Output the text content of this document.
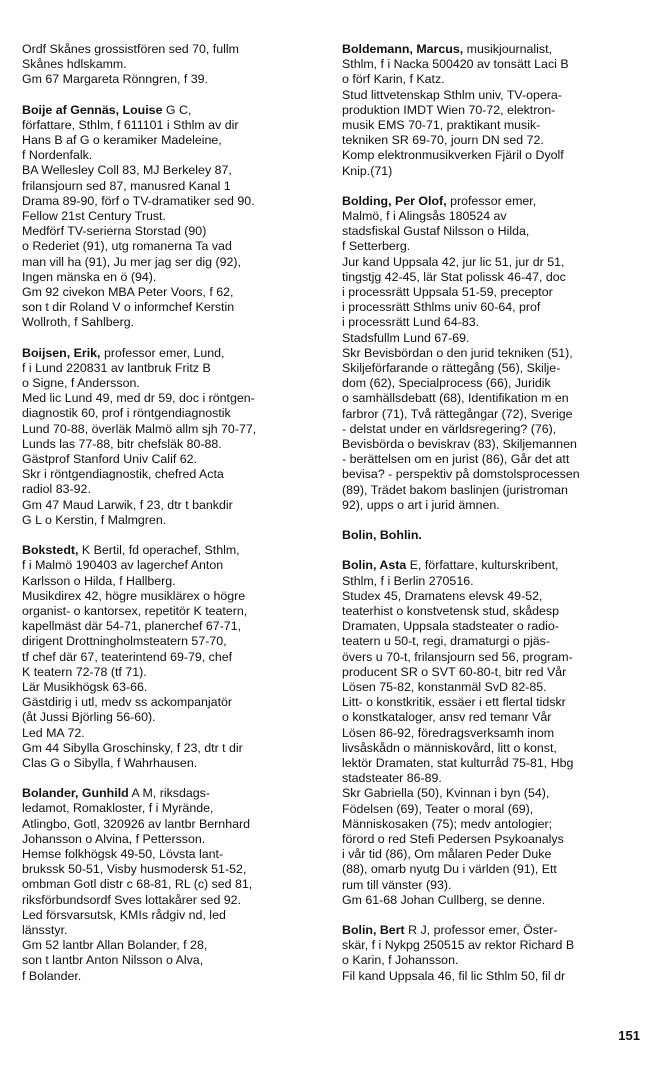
Ordf Skånes grossistfören sed 70, fullm

Skånes hdlskamm.

Gm 67 Margareta Rönngren, f 39.

Boije af Gennäs, Louise G C,

författare, Sthlm, f 611101 i Sthlm av dir

Hans B af G o keramiker Madeleine,

f Nordenfalk.

BA Wellesley Coll 83, MJ Berkeley 87,

frilansjourn sed 87, manusred Kanal 1

Drama 89-90, förf o TV-dramatiker sed 90.

Fellow 21st Century Trust.

Medförf TV-serierna Storstad (90)

o Rederiet (91), utg romanerna Ta vad

man vill ha (91), Ju mer jag ser dig (92),

Ingen mänska en ö (94).

Gm 92 civekon MBA Peter Voors, f 62,

son t dir Roland V o informchef Kerstin

Wollroth, f Sahlberg.

Boijsen, Erik, professor emer, Lund,

f i Lund 220831 av lantbruk Fritz B

o Signe, f Andersson.

Med lic Lund 49, med dr 59, doc i röntgen-

diagnostik 60, prof i röntgendiagnostik

Lund 70-88, överläk Malmö allm sjh 70-77,

Lunds las 77-88, bitr chefsläk 80-88.

Gästprof Stanford Univ Calif 62.

Skr i röntgendiagnostik, chefred Acta

radiol 83-92.

Gm 47 Maud Larwik, f 23, dtr t bankdir

G L o Kerstin, f Malmgren.

Bokstedt, K Bertil, fd operachef, Sthlm,

f i Malmö 190403 av lagerchef Anton

Karlsson o Hilda, f Hallberg.

Musikdirex 42, högre musiklärex o högre

organist- o kantorsex, repetitör K teatern,

kapellmäst där 54-71, planerchef 67-71,

dirigent Drottningholmsteatern 57-70,

tf chef där 67, teaterintend 69-79, chef

K teatern 72-78 (tf 71).

Lär Musikhögsk 63-66.

Gästdirig i utl, medv ss ackompanjatör

(åt Jussi Björling 56-60).

Led MA 72.

Gm 44 Sibylla Groschinsky, f 23, dtr t dir

Clas G o Sibylla, f Wahrhausen.

Bolander, Gunhild A M, riksdags-

ledamot, Romakloster, f i Myrände,

Atlingbo, Gotl, 320926 av lantbr Bernhard

Johansson o Alvina, f Pettersson.

Hemse folkhögsk 49-50, Lövsta lant-

brukssk 50-51, Visby husmodersk 51-52,

ombman Gotl distr c 68-81, RL (c) sed 81,

riksförbundsordf Sves lottakårer sed 92.

Led försvarsutsk, KMIs rådgiv nd, led

länsstyr.

Gm 52 lantbr Allan Bolander, f 28,

son t lantbr Anton Nilsson o Alva,

f Bolander.

Boldemann, Marcus, musikjournalist,

Sthlm, f i Nacka 500420 av tonsätt Laci B

o förf Karin, f Katz.

Stud littvetenskap Sthlm univ, TV-opera-

produktion IMDT Wien 70-72, elektron-

musik EMS 70-71, praktikant musik-

tekniken SR 69-70, journ DN sed 72.

Komp elektronmusikverken Fjäril o Dyolf

Knip.(71)

Bolding, Per Olof, professor emer,

Malmö, f i Alingsås 180524 av

stadsfiskal Gustaf Nilsson o Hilda,

f Setterberg.

Jur kand Uppsala 42, jur lic 51, jur dr 51,

tingstjg 42-45, lär Stat polissk 46-47, doc

i processrätt Uppsala 51-59, preceptor

i processrätt Sthlms univ 60-64, prof

i processrätt Lund 64-83.

Stadsfullm Lund 67-69.

Skr Bevisbördan o den jurid tekniken (51),

Skiljeförfarande o rättegång (56), Skilje-

dom (62), Specialprocess (66), Juridik

o samhällsdebatt (68), Identifikation m en

farbror (71), Två rättegångar (72), Sverige

- delstat under en världsregering? (76),

Bevisbörda o beviskrav (83), Skiljemannen

- berättelsen om en jurist (86), Går det att

bevisa? - perspektiv på domstolsprocessen

(89), Trädet bakom baslinjen (juristroman

92), upps o art i jurid ämnen.

Bolin, Bohlin.

Bolin, Asta E, författare, kulturskribent,

Sthlm, f i Berlin 270516.

Studex 45, Dramatens elevsk 49-52,

teaterhist o konstvetensk stud, skådesp

Dramaten, Uppsala stadsteater o radio-

teatern u 50-t, regi, dramaturgi o pjäs-

övers u 70-t, frilansjourn sed 56, program-

producent SR o SVT 60-80-t, bitr red Vår

Lösen 75-82, konstanmäl SvD 82-85.

Litt- o konstkritik, essäer i ett flertal tidskr

o konstkataloger, ansv red temanr Vår

Lösen 86-92, föredragsverksamh inom

livsåskådn o människovård, litt o konst,

lektör Dramaten, stat kulturråd 75-81, Hbg

stadsteater 86-89.

Skr Gabriella (50), Kvinnan i byn (54),

Födelsen (69), Teater o moral (69),

Människosaken (75); medv antologier;

förord o red Stefi Pedersen Psykoanalys

i vår tid (86), Om målaren Peder Duke

(88), omarb nyutg Du i världen (91), Ett

rum till vänster (93).

Gm 61-68 Johan Cullberg, se denne.

Bolin, Bert R J, professor emer, Öster-

skär, f i Nykpg 250515 av rektor Richard B

o Karin, f Johansson.

Fil kand Uppsala 46, fil lic Sthlm 50, fil dr

151
